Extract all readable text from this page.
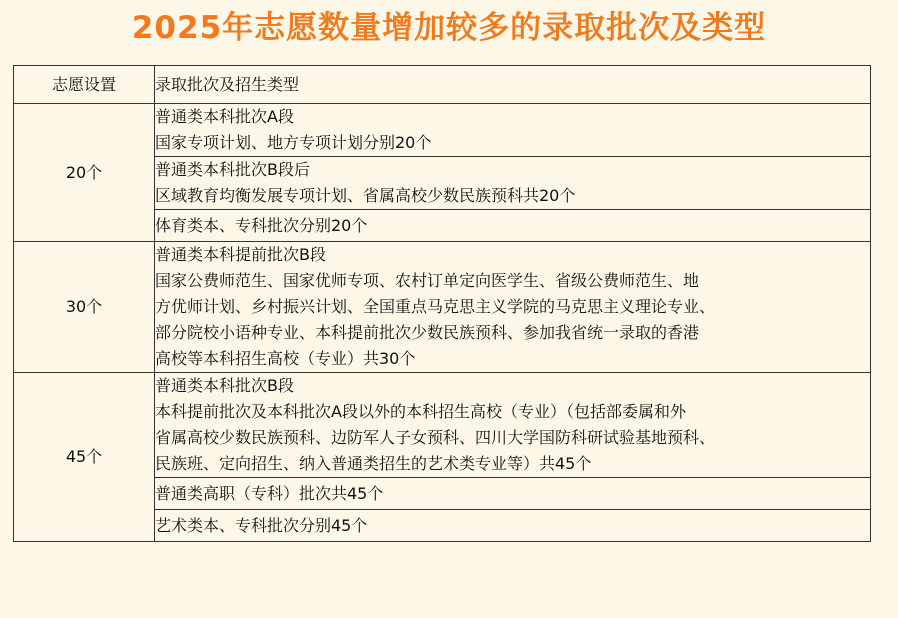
2025年志愿数量增加较多的录取批次及类型
志愿设置	录取批次及招生类型
20个	普通类本科批次A段
国家专项计划、地方专项计划分别20个

	普通类本科批次B段后
区域教育均衡发展专项计划、省属高校少数民族预科共20个

	体育类本、专科批次分别20个

30个	普通类本科提前批次B段
国家公费师范生、国家优师专项、农村订单定向医学生、省级公费师范生、地
方优师计划、乡村振兴计划、全国重点马克思主义学院的马克思主义理论专业、
部分院校小语种专业、本科提前批次少数民族预科、参加我省统一录取的香港
高校等本科招生高校（专业）共30个

45个	普通类本科批次B段
本科提前批次及本科批次A段以外的本科招生高校（专业）（包括部委属和外
省属高校少数民族预科、边防军人子女预科、四川大学国防科研试验基地预科、
民族班、定向招生、纳入普通类招生的艺术类专业等）共45个

	普通类高职（专科）批次共45个

	艺术类本、专科批次分别45个
